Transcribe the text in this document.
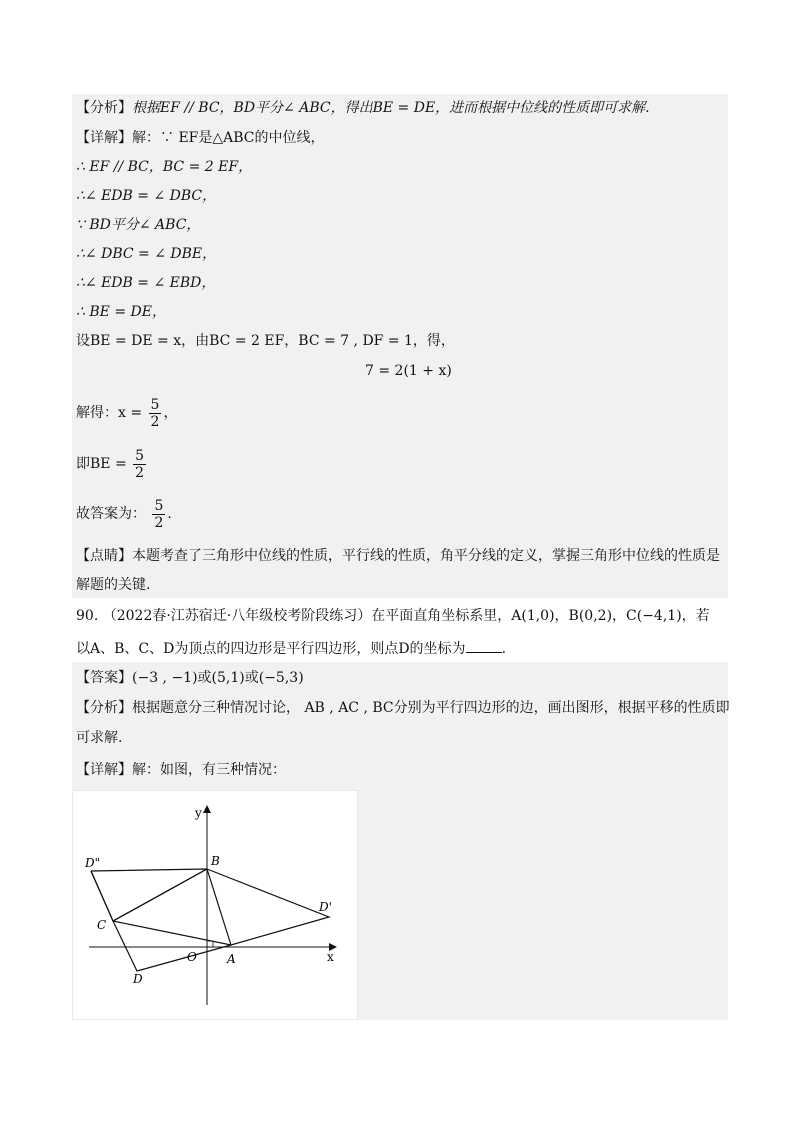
【分析】根据EF // BC，BD平分∠ ABC，得出BE = DE，进而根据中位线的性质即可求解.
【详解】解：∵ EF是△ABC的中位线，
∴ EF // BC，BC = 2 EF，
∴∠ EDB = ∠ DBC，
∵ BD平分∠ ABC，
∴∠ DBC = ∠ DBE，
∴∠ EDB = ∠ EBD，
∴ BE = DE，
设BE = DE = x，由BC = 2 EF，BC = 7 , DF = 1，得，
7 = 2(1 + x)
解得：$x = \frac{5}{2}$ ，
即BE = $\frac{5}{2}$
故答案为： $\frac{5}{2}$ .
【点睛】本题考查了三角形中位线的性质，平行线的性质，角平分线的定义，掌握三角形中位线的性质是
解题的关键.
90. （2022春·江苏宿迁·八年级校考阶段练习）在平面直角坐标系里，A(1,0)，B(0,2)，C(−4,1)，若
以A、B、C、D为顶点的四边形是平行四边形，则点D的坐标为	.
【答案】(−3 , −1)或(5,1)或(−5,3)
【分析】根据题意分三种情况讨论， AB , AC , BC分别为平行四边形的边，画出图形，根据平移的性质即
可求解.
【详解】解：如图，有三种情况：
y
x
O	A
B
C
D
D'
D"
